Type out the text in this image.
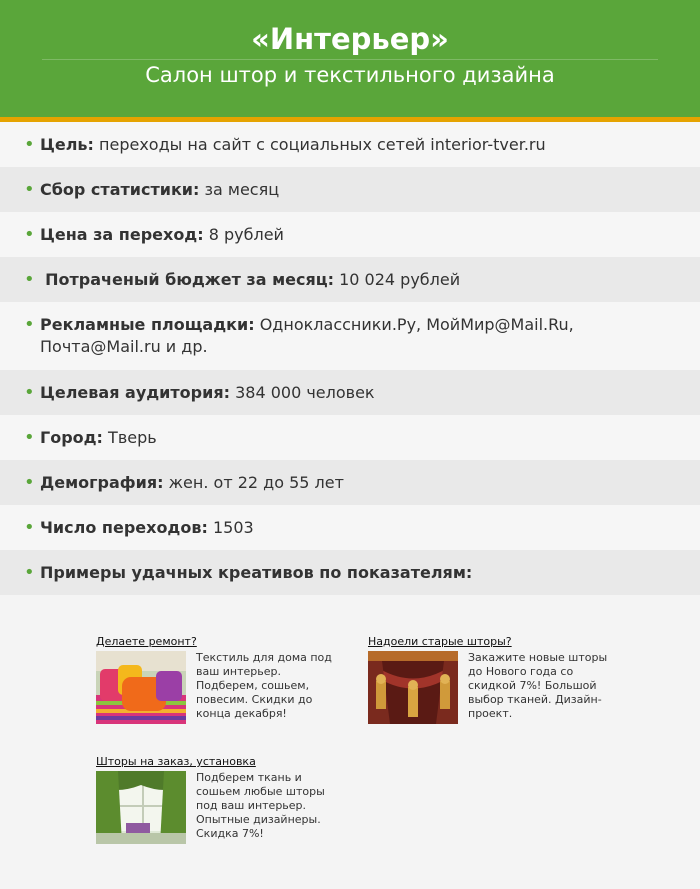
«Интерьер»
Салон штор и текстильного дизайна
• Цель: переходы на сайт с социальных сетей interior-tver.ru
• Сбор статистики: за месяц
• Цена за переход: 8 рублей
• Потраченый бюджет за месяц: 10 024 рублей
• Рекламные площадки: Одноклассники.Ру, МойМир@Mail.Ru, Почта@Mail.ru и др.
• Целевая аудитория: 384 000 человек
• Город: Тверь
• Демография: жен. от 22 до 55 лет
• Число переходов: 1503
• Примеры удачных креативов по показателям:
Делаете ремонт?
Текстиль для дома под ваш интерьер. Подберем, сошьем, повесим. Скидки до конца декабря!
Надоели старые шторы?
Закажите новые шторы до Нового года со скидкой 7%! Большой выбор тканей. Дизайн-проект.
Шторы на заказ, установка
Подберем ткань и сошьем любые шторы под ваш интерьер. Опытные дизайнеры. Скидка 7%!
